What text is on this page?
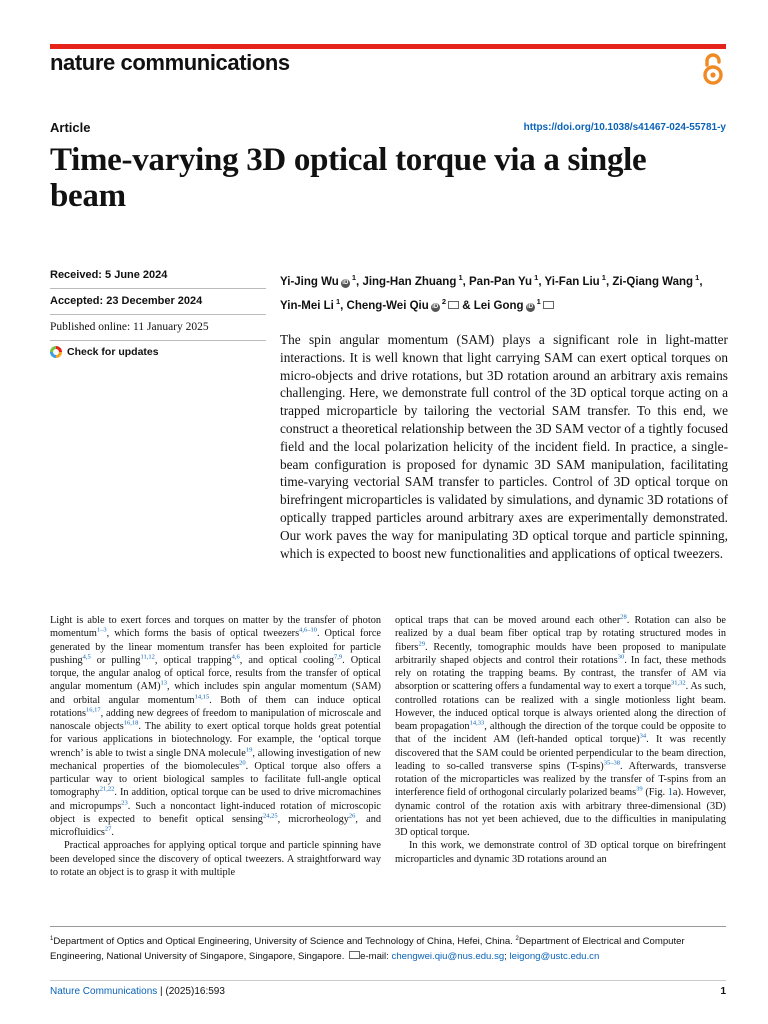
nature communications
Article	https://doi.org/10.1038/s41467-024-55781-y
Time-varying 3D optical torque via a single beam
Received: 5 June 2024
Accepted: 23 December 2024
Published online: 11 January 2025
Check for updates
Yi-Jing Wu iD $^1$, Jing-Han Zhuang $^1$, Pan-Pan Yu $^1$, Yi-Fan Liu $^1$, Zi-Qiang Wang $^1$, Yin-Mei Li $^1$, Cheng-Wei Qiu iD $^2$ & Lei Gong iD $^1$
The spin angular momentum (SAM) plays a significant role in light-matter interactions. It is well known that light carrying SAM can exert optical torques on micro-objects and drive rotations, but 3D rotation around an arbitrary axis remains challenging. Here, we demonstrate full control of the 3D optical torque acting on a trapped microparticle by tailoring the vectorial SAM transfer. To this end, we construct a theoretical relationship between the 3D SAM vector of a tightly focused field and the local polarization helicity of the incident field. In practice, a single-beam configuration is proposed for dynamic 3D SAM manipulation, facilitating time-varying vectorial SAM transfer to particles. Control of 3D optical torque on birefringent microparticles is validated by simulations, and dynamic 3D rotations of optically trapped particles around arbitrary axes are experimentally demonstrated. Our work paves the way for manipulating 3D optical torque and particle spinning, which is expected to boost new functionalities and applications of optical tweezers.

Light is able to exert forces and torques on matter by the transfer of photon momentum$^{1-3}$, which forms the basis of optical tweezers$^{4,6-10}$. Optical force generated by the linear momentum transfer has been exploited for particle pushing$^{4,5}$ or pulling$^{11,12}$, optical trapping$^{4,6}$, and optical cooling$^{7,9}$. Optical torque, the angular analog of optical force, results from the transfer of optical angular momentum (AM)$^{13}$, which includes spin angular momentum (SAM) and orbital angular momentum$^{14,15}$. Both of them can induce optical rotations$^{16,17}$, adding new degrees of freedom to manipulation of microscale and nanoscale objects$^{16,18}$. The ability to exert optical torque holds great potential for various applications in biotechnology. For example, the ‘optical torque wrench’ is able to twist a single DNA molecule$^{19}$, allowing investigation of new mechanical properties of the biomolecules$^{20}$. Optical torque also offers a particular way to orient biological samples to facilitate full-angle optical tomography$^{21,22}$. In addition, optical torque can be used to drive micromachines and micropumps$^{23}$. Such a noncontact light-induced rotation of microscopic object is expected to benefit optical sensing$^{24,25}$, microrheology$^{26}$, and microfluidics$^{27}$.

Practical approaches for applying optical torque and particle spinning have been developed since the discovery of optical tweezers. A straightforward way to rotate an object is to grasp it with multiple

optical traps that can be moved around each other$^{28}$. Rotation can also be realized by a dual beam fiber optical trap by rotating structured modes in fibers$^{29}$. Recently, tomographic moulds have been proposed to manipulate arbitrarily shaped objects and control their rotations$^{30}$. In fact, these methods rely on rotating the trapping beams. By contrast, the transfer of AM via absorption or scattering offers a fundamental way to exert a torque$^{31,32}$. As such, controlled rotations can be realized with a single motionless light beam. However, the induced optical torque is always oriented along the direction of beam propagation$^{14,33}$, although the direction of the torque could be opposite to that of the incident AM (left-handed optical torque)$^{34}$. It was recently discovered that the SAM could be oriented perpendicular to the beam direction, leading to so-called transverse spins (T-spins)$^{35-38}$. Afterwards, transverse rotation of the microparticles was realized by the transfer of T-spins from an interference field of orthogonal circularly polarized beams$^{39}$ (Fig. 1a). However, dynamic control of the rotation axis with arbitrary three-dimensional (3D) orientations has not yet been achieved, due to the difficulties in manipulating 3D optical torque.

In this work, we demonstrate control of 3D optical torque on birefringent microparticles and dynamic 3D rotations around an

$^1$Department of Optics and Optical Engineering, University of Science and Technology of China, Hefei, China. $^2$Department of Electrical and Computer Engineering, National University of Singapore, Singapore, Singapore. e-mail: chengwei.qiu@nus.edu.sg; leigong@ustc.edu.cn
Nature Communications | (2025)16:593	1
